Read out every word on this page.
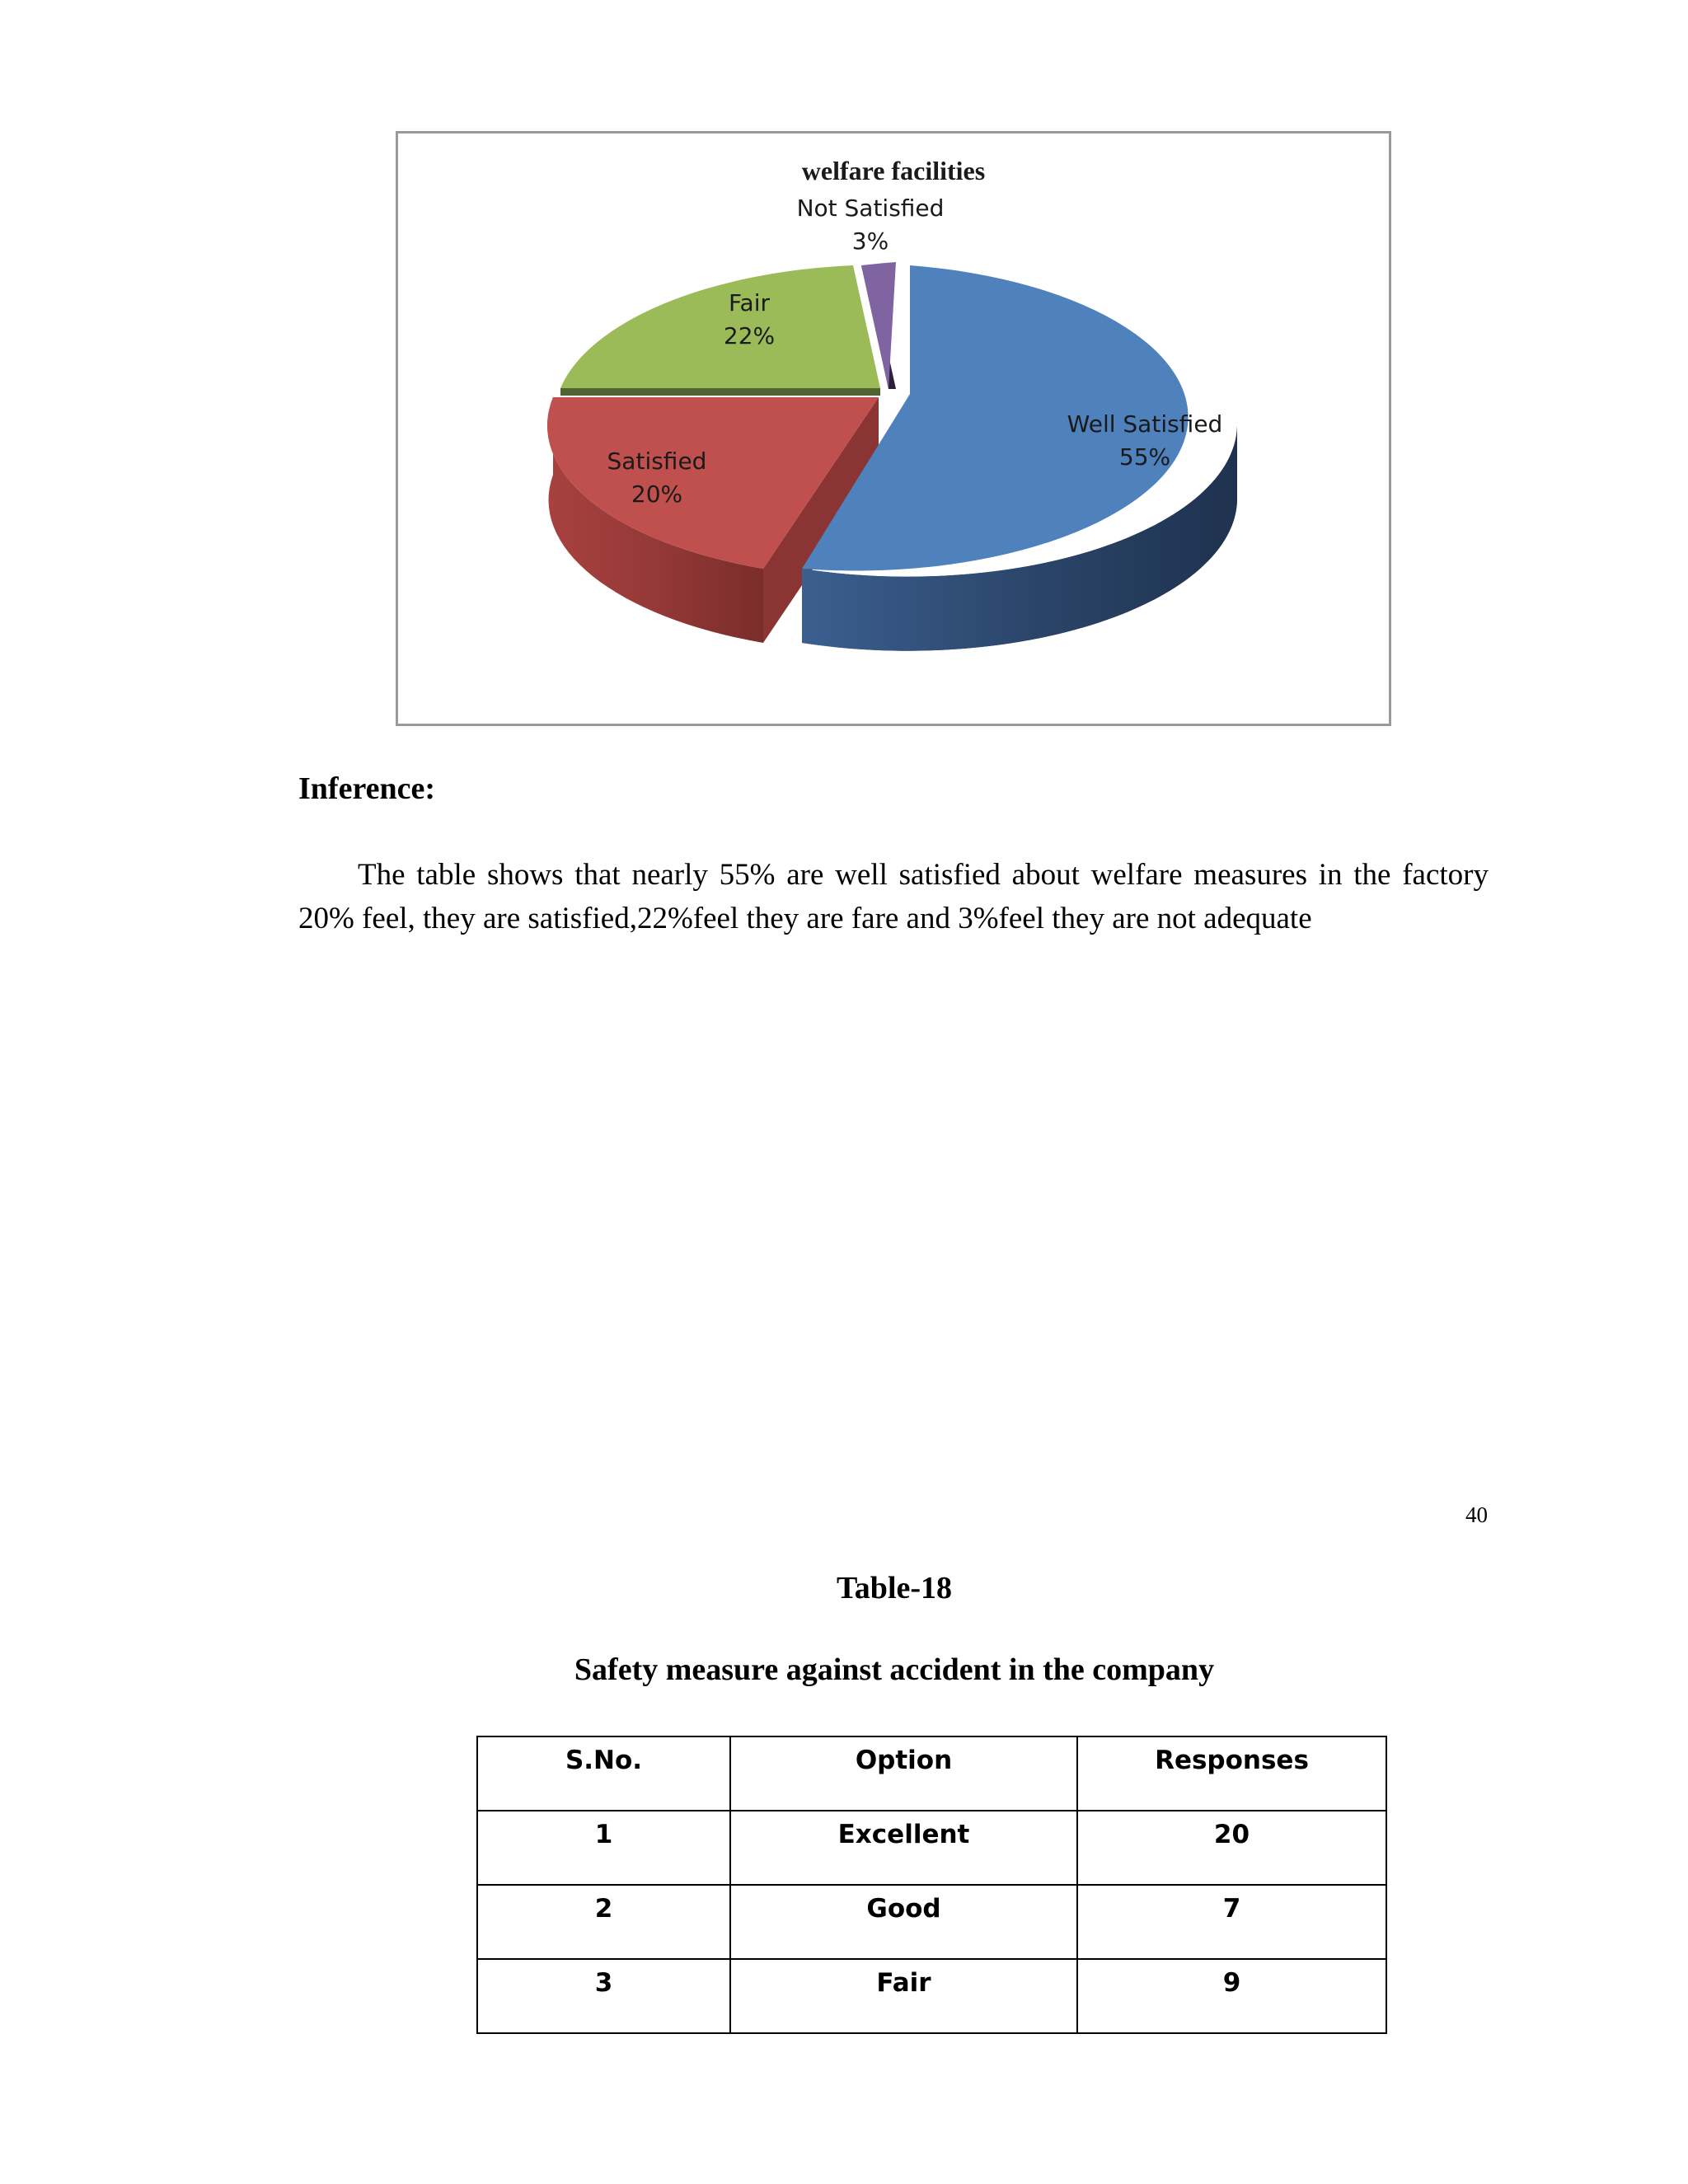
welfare facilities
Not Satisfied
3%
Fair
22%
Well Satisfied
55%
Satisfied
20%
Inference:

The table shows that nearly 55% are well satisfied about welfare measures in the factory 20% feel, they are satisfied,22%feel they are fare and 3%feel they are not adequate

40
Table-18
Safety measure against accident in the company
S.No.	Option	Responses
1	Excellent	20
2	Good	7
3	Fair	9
